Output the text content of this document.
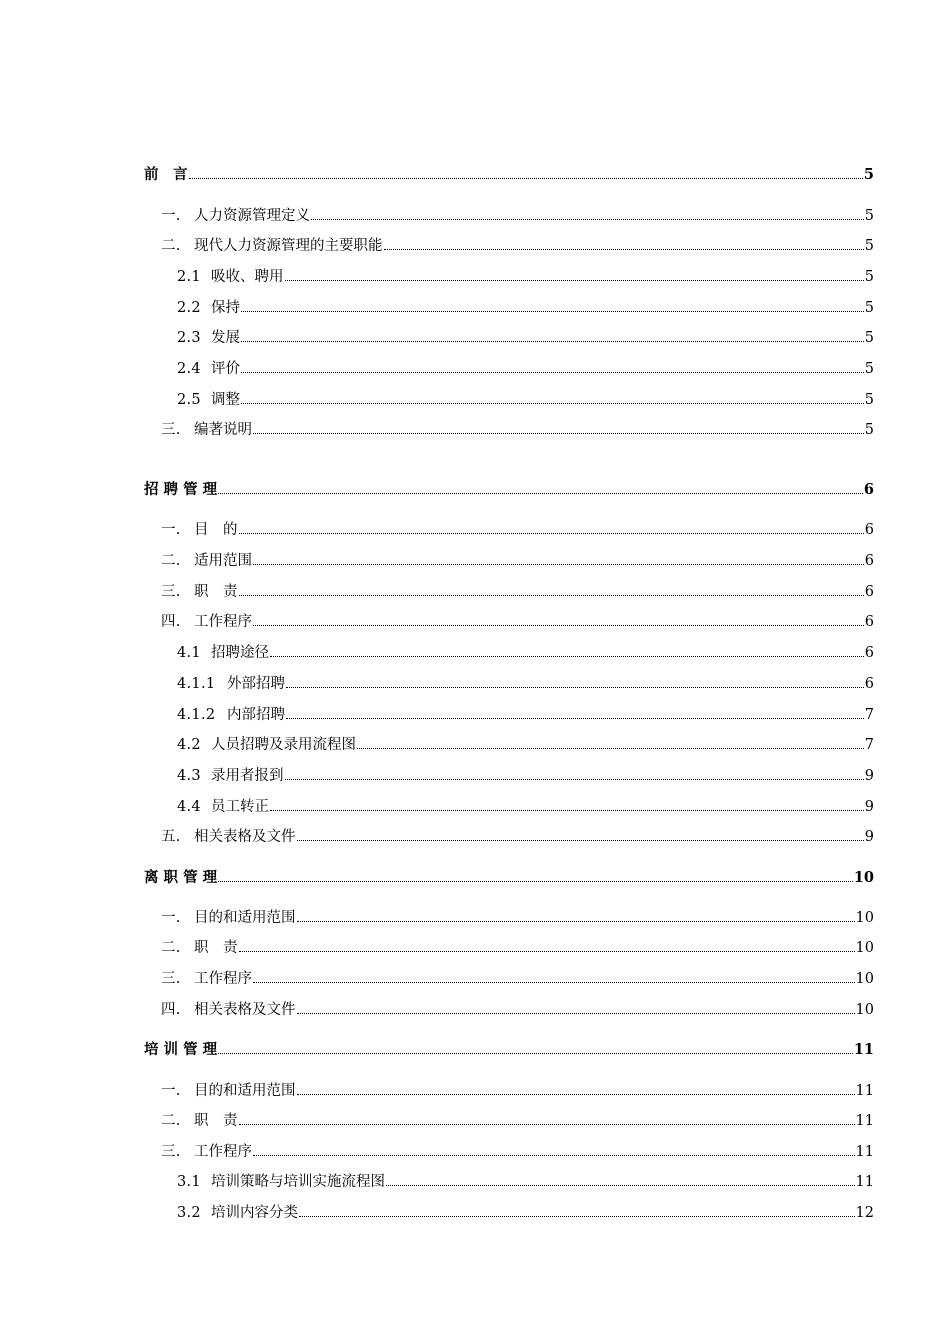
前　言	5
一. 人力资源管理定义	5
二. 现代人力资源管理的主要职能	5
2.1 吸收、聘用	5
2.2 保持	5
2.3 发展	5
2.4 评价	5
2.5 调整	5
三. 编著说明	5
招 聘 管 理	6
一. 目　的	6
二. 适用范围	6
三. 职　责	6
四. 工作程序	6
4.1 招聘途径	6
4.1.1 外部招聘	6
4.1.2 内部招聘	7
4.2 人员招聘及录用流程图	7
4.3 录用者报到	9
4.4 员工转正	9
五. 相关表格及文件	9
离 职 管 理	10
一. 目的和适用范围	10
二. 职　责	10
三. 工作程序	10
四. 相关表格及文件	10
培 训 管 理	11
一. 目的和适用范围	11
二. 职　责	11
三. 工作程序	11
3.1 培训策略与培训实施流程图	11
3.2 培训内容分类	12
